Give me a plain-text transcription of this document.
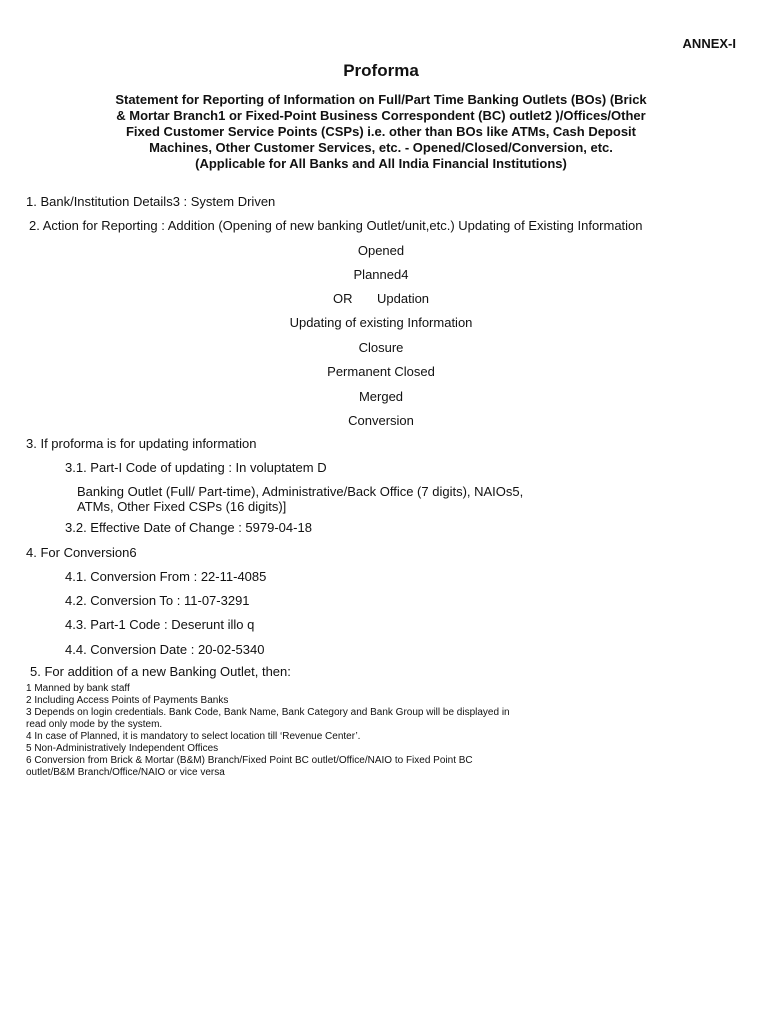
ANNEX-I
Proforma
Statement for Reporting of Information on Full/Part Time Banking Outlets (BOs) (Brick
& Mortar Branch1 or Fixed-Point Business Correspondent (BC) outlet2 )/Offices/Other
Fixed Customer Service Points (CSPs) i.e. other than BOs like ATMs, Cash Deposit
Machines, Other Customer Services, etc. - Opened/Closed/Conversion, etc.
(Applicable for All Banks and All India Financial Institutions)
1. Bank/Institution Details3 : System Driven
2. Action for Reporting : Addition (Opening of new banking Outlet/unit,etc.) Updating of Existing Information
Opened
Planned4
OR Updation
Updating of existing Information
Closure
Permanent Closed
Merged
Conversion
3. If proforma is for updating information
3.1. Part-I Code of updating : In voluptatem D
Banking Outlet (Full/ Part-time), Administrative/Back Office (7 digits), NAIOs5,
ATMs, Other Fixed CSPs (16 digits)]
3.2. Effective Date of Change : 5979-04-18
4. For Conversion6
4.1. Conversion From : 22-11-4085
4.2. Conversion To : 11-07-3291
4.3. Part-1 Code : Deserunt illo q
4.4. Conversion Date : 20-02-5340
5. For addition of a new Banking Outlet, then:
1 Manned by bank staff
2 Including Access Points of Payments Banks
3 Depends on login credentials. Bank Code, Bank Name, Bank Category and Bank Group will be displayed in
read only mode by the system.
4 In case of Planned, it is mandatory to select location till ‘Revenue Center’.
5 Non-Administratively Independent Offices
6 Conversion from Brick & Mortar (B&M) Branch/Fixed Point BC outlet/Office/NAIO to Fixed Point BC
outlet/B&M Branch/Office/NAIO or vice versa
